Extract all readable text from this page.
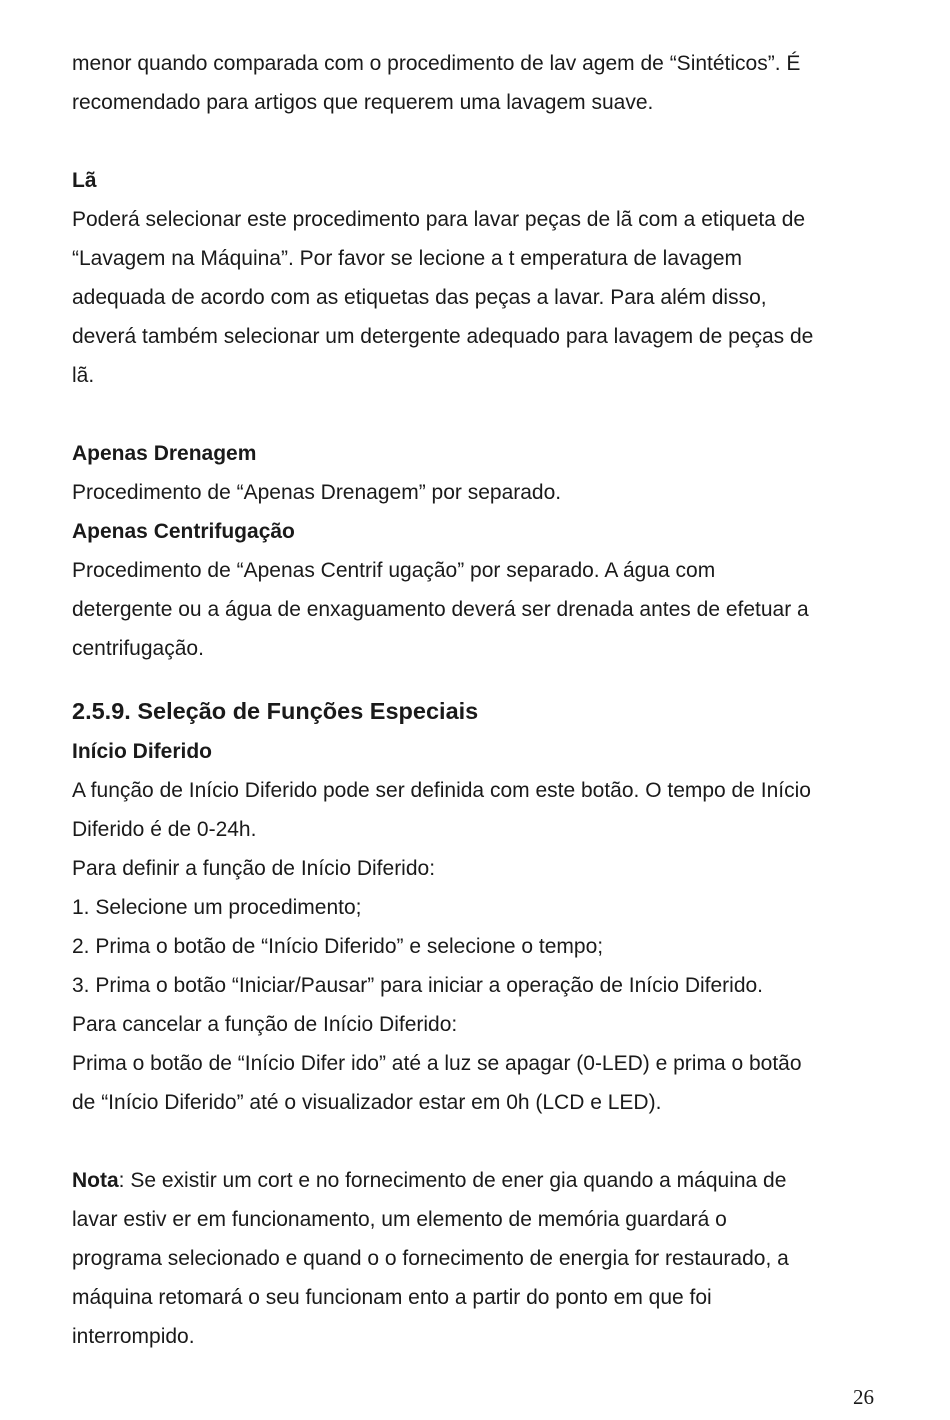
menor quando comparada com o procedimento de lav agem de “Sintéticos”. É
recomendado para artigos que requerem uma lavagem suave.
Lã
Poderá selecionar este procedimento para lavar peças de lã com a etiqueta de
“Lavagem na Máquina”. Por favor se lecione a t emperatura de lavagem
adequada de acordo com as etiquetas das peças a lavar. Para além disso,
deverá também selecionar um detergente adequado para lavagem de peças de
lã.
Apenas Drenagem
Procedimento de “Apenas Drenagem” por separado.
Apenas Centrifugação
Procedimento de “Apenas Centrif ugação” por separado. A água com
detergente ou a água de enxaguamento deverá ser drenada antes de efetuar a
centrifugação.
2.5.9. Seleção de Funções Especiais
Início Diferido
A função de Início Diferido pode ser definida com este botão. O tempo de Início
Diferido é de 0-24h.
Para definir a função de Início Diferido:
1. Selecione um procedimento;
2. Prima o botão de “Início Diferido” e selecione o tempo;
3. Prima o botão “Iniciar/Pausar” para iniciar a operação de Início Diferido.
Para cancelar a função de Início Diferido:
Prima o botão de “Início Difer ido” até a luz se apagar (0-LED) e prima o botão
de “Início Diferido” até o visualizador estar em 0h (LCD e LED).
Nota: Se existir um cort e no fornecimento de ener gia quando a máquina de
lavar estiv er em funcionamento, um elemento de memória guardará o
programa selecionado e quand o o fornecimento de energia for restaurado, a
máquina retomará o seu funcionam ento a partir do ponto em que foi
interrompido.
26
